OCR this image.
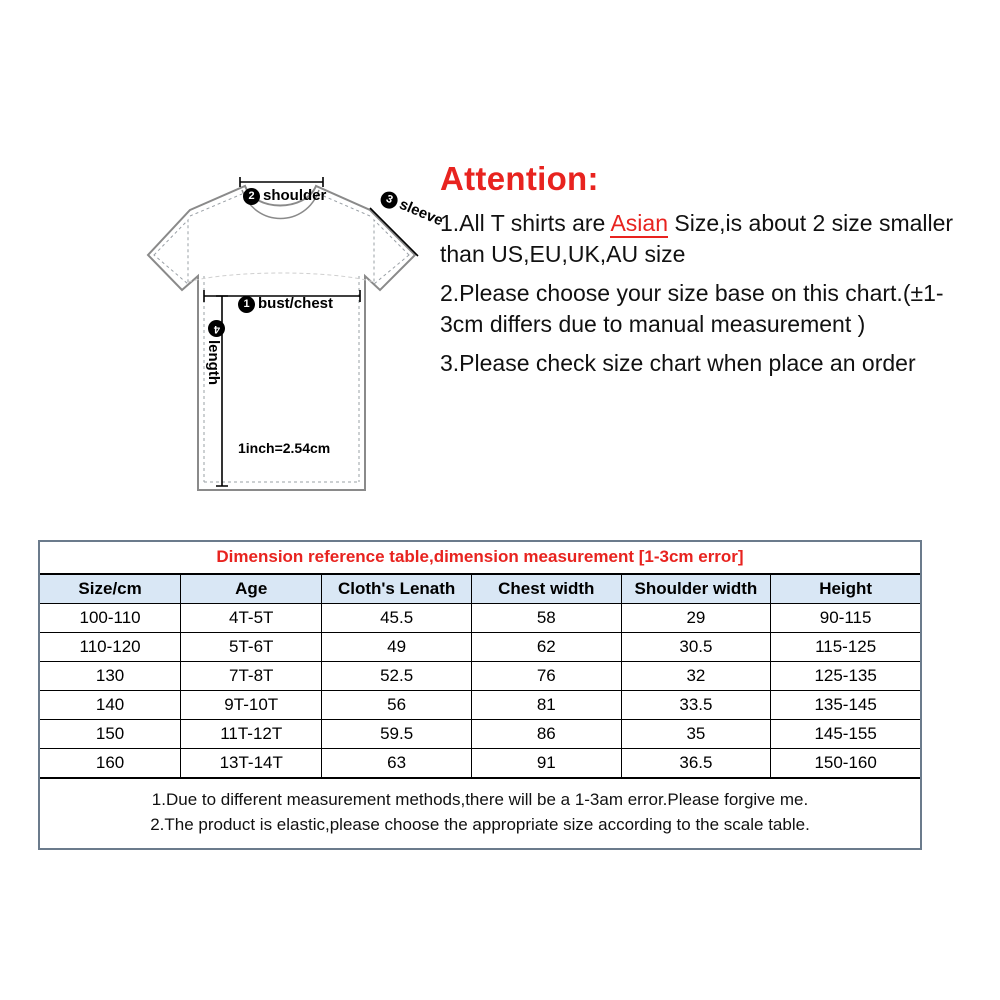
2 shoulder	3 sleeve
1 bust/chest
4length
1inch=2.54cm
Attention:

1.All T shirts are Asian Size,is about 2 size smaller than US,EU,UK,AU size

2.Please choose your size base on this chart.(±1-3cm differs due to manual measurement )

3.Please check size chart when place an order

Dimension reference table,dimension measurement [1-3cm error]
Size/cm	Age	Cloth's Lenath	Chest width	Shoulder width	Height
100-110	4T-5T	45.5	58	29	90-115
110-120	5T-6T	49	62	30.5	115-125
130	7T-8T	52.5	76	32	125-135
140	9T-10T	56	81	33.5	135-145
150	11T-12T	59.5	86	35	145-155
160	13T-14T	63	91	36.5	150-160
1.Due to different measurement methods,there will be a 1-3am error.Please forgive me.
2.The product is elastic,please choose the appropriate size according to the scale table.
